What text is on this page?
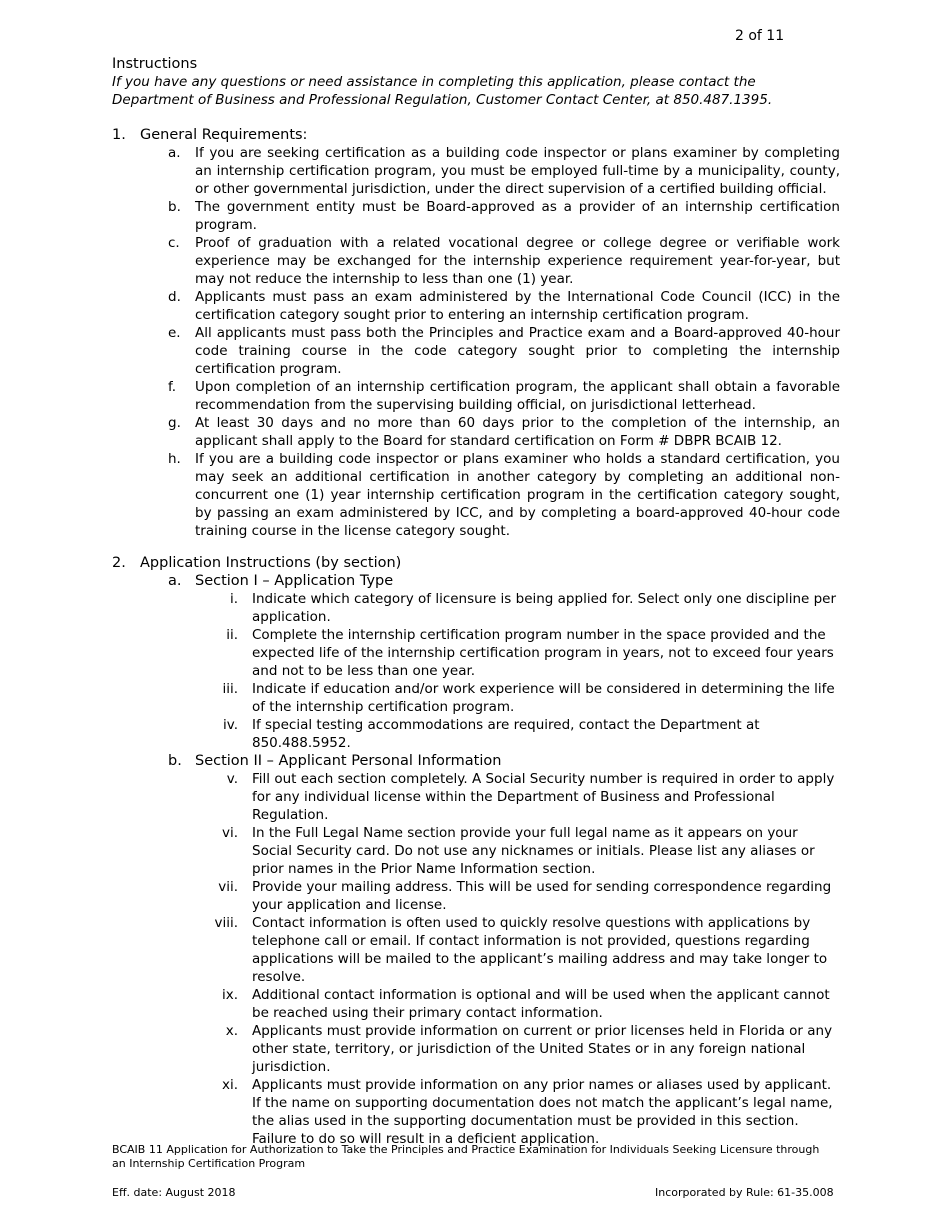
2 of 11
Instructions
If you have any questions or need assistance in completing this application, please contact the Department of Business and Professional Regulation, Customer Contact Center, at 850.487.1395.
1. General Requirements:
a.	If you are seeking certification as a building code inspector or plans examiner by completing an internship certification program, you must be employed full-time by a municipality, county, or other governmental jurisdiction, under the direct supervision of a certified building official.
b.	The government entity must be Board-approved as a provider of an internship certification program.
c.	Proof of graduation with a related vocational degree or college degree or verifiable work experience may be exchanged for the internship experience requirement year-for-year, but may not reduce the internship to less than one (1) year.
d.	Applicants must pass an exam administered by the International Code Council (ICC) in the certification category sought prior to entering an internship certification program.
e.	All applicants must pass both the Principles and Practice exam and a Board-approved 40-hour code training course in the code category sought prior to completing the internship certification program.
f.	Upon completion of an internship certification program, the applicant shall obtain a favorable recommendation from the supervising building official, on jurisdictional letterhead.
g.	At least 30 days and no more than 60 days prior to the completion of the internship, an applicant shall apply to the Board for standard certification on Form # DBPR BCAIB 12.
h.	If you are a building code inspector or plans examiner who holds a standard certification, you may seek an additional certification in another category by completing an additional non-concurrent one (1) year internship certification program in the certification category sought, by passing an exam administered by ICC, and by completing a board-approved 40-hour code training course in the license category sought.
2. Application Instructions (by section)
a. Section I – Application Type
i.	Indicate which category of licensure is being applied for. Select only one discipline per application.
ii.	Complete the internship certification program number in the space provided and the expected life of the internship certification program in years, not to exceed four years and not to be less than one year.
iii.	Indicate if education and/or work experience will be considered in determining the life of the internship certification program.
iv.	If special testing accommodations are required, contact the Department at 850.488.5952.
b. Section II – Applicant Personal Information
v.	Fill out each section completely. A Social Security number is required in order to apply for any individual license within the Department of Business and Professional Regulation.
vi.	In the Full Legal Name section provide your full legal name as it appears on your Social Security card. Do not use any nicknames or initials. Please list any aliases or prior names in the Prior Name Information section.
vii.	Provide your mailing address. This will be used for sending correspondence regarding your application and license.
viii.	Contact information is often used to quickly resolve questions with applications by telephone call or email. If contact information is not provided, questions regarding applications will be mailed to the applicant’s mailing address and may take longer to resolve.
ix.	Additional contact information is optional and will be used when the applicant cannot be reached using their primary contact information.
x.	Applicants must provide information on current or prior licenses held in Florida or any other state, territory, or jurisdiction of the United States or in any foreign national jurisdiction.
xi.	Applicants must provide information on any prior names or aliases used by applicant. If the name on supporting documentation does not match the applicant’s legal name, the alias used in the supporting documentation must be provided in this section. Failure to do so will result in a deficient application.
BCAIB 11 Application for Authorization to Take the Principles and Practice Examination for Individuals Seeking Licensure through an Internship Certification Program
Eff. date: August 2018	Incorporated by Rule: 61-35.008
